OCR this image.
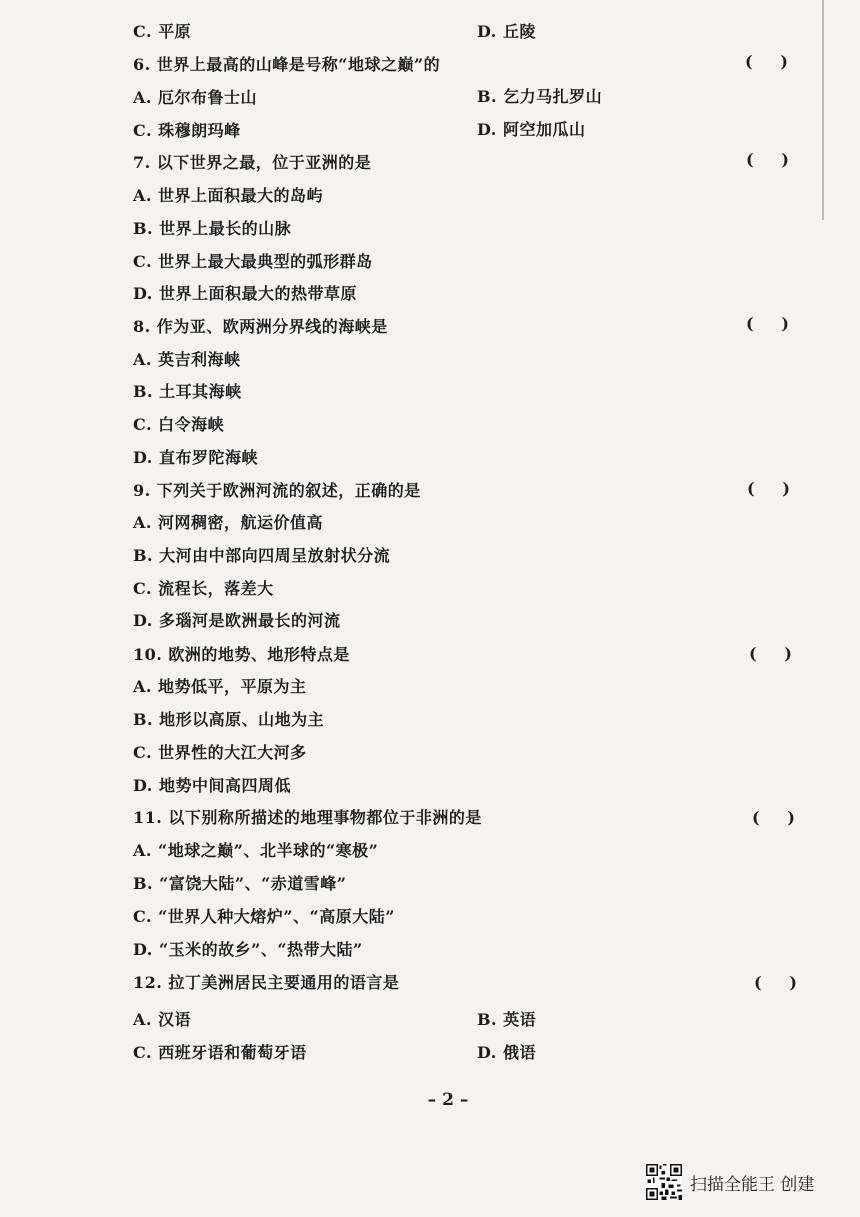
C. 平原	D. 丘陵
6. 世界上最高的山峰是号称“地球之巅”的	(     )
A. 厄尔布鲁士山	B. 乞力马扎罗山
C. 珠穆朗玛峰	D. 阿空加瓜山
7. 以下世界之最，位于亚洲的是	(     )
A. 世界上面积最大的岛屿
B. 世界上最长的山脉
C. 世界上最大最典型的弧形群岛
D. 世界上面积最大的热带草原
8. 作为亚、欧两洲分界线的海峡是	(     )
A. 英吉利海峡
B. 土耳其海峡
C. 白令海峡
D. 直布罗陀海峡
9. 下列关于欧洲河流的叙述，正确的是	(     )
A. 河网稠密，航运价值高
B. 大河由中部向四周呈放射状分流
C. 流程长，落差大
D. 多瑙河是欧洲最长的河流
10. 欧洲的地势、地形特点是	(     )
A. 地势低平，平原为主
B. 地形以高原、山地为主
C. 世界性的大江大河多
D. 地势中间高四周低
11. 以下别称所描述的地理事物都位于非洲的是	(     )
A. “地球之巅”、北半球的“寒极”
B. “富饶大陆”、“赤道雪峰”
C. “世界人种大熔炉”、“高原大陆”
D. “玉米的故乡”、“热带大陆”
12. 拉丁美洲居民主要通用的语言是	(     )
A. 汉语	B. 英语
C. 西班牙语和葡萄牙语	D. 俄语
– 2 –
扫描全能王 创建
